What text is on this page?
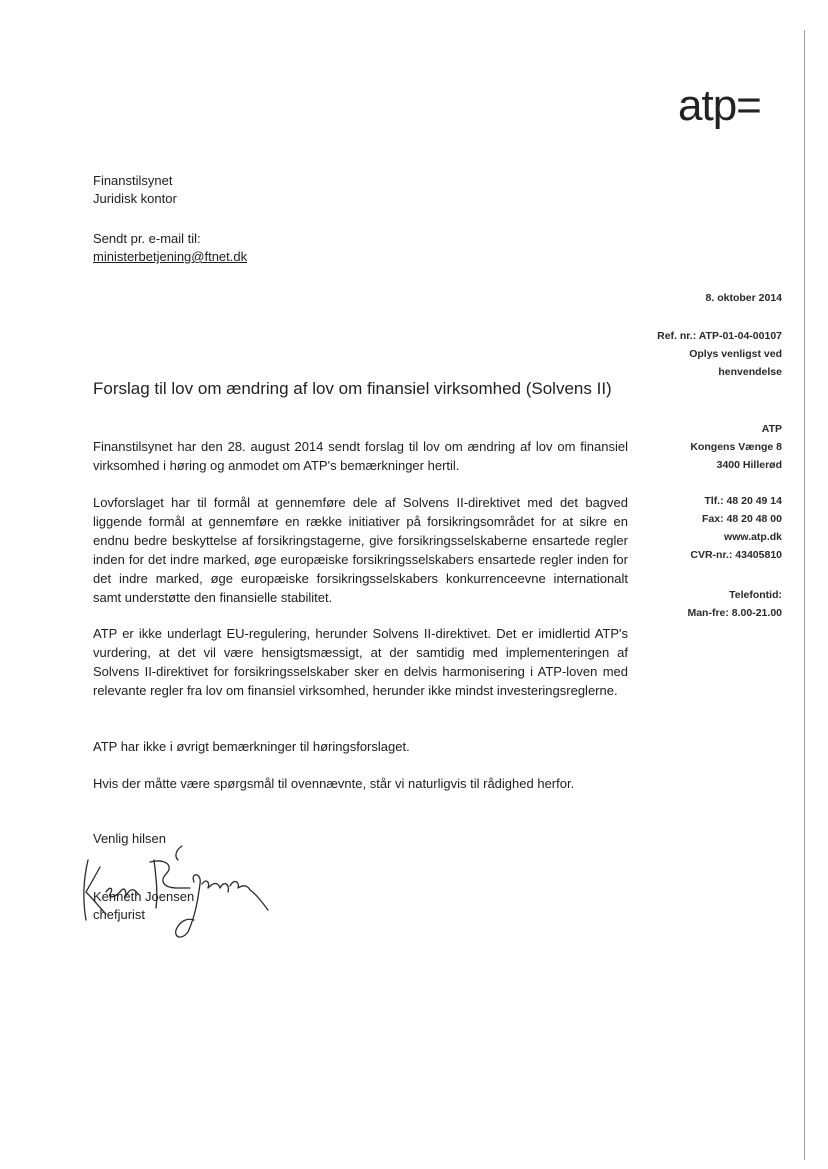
atp=
Finanstilsynet
Juridisk kontor
Sendt pr. e-mail til:
ministerbetjening@ftnet.dk
8. oktober 2014
Ref. nr.: ATP-01-04-00107
Oplys venligst ved
henvendelse
ATP
Kongens Vænge 8
3400 Hillerød
Tlf.: 48 20 49 14
Fax: 48 20 48 00
www.atp.dk
CVR-nr.: 43405810
Telefontid:
Man-fre: 8.00-21.00
Forslag til lov om ændring af lov om finansiel virksomhed (Solvens II)

Finanstilsynet har den 28. august 2014 sendt forslag til lov om ændring af lov om finansiel virksomhed i høring og anmodet om ATP's bemærkninger hertil.

Lovforslaget har til formål at gennemføre dele af Solvens II-direktivet med det bagved liggende formål at gennemføre en række initiativer på forsikringsområdet for at sikre en endnu bedre beskyttelse af forsikringstagerne, give forsikringsselskaberne ensartede regler inden for det indre marked, øge europæiske forsikringsselskabers ensartede regler inden for det indre marked, øge europæiske forsikringsselskabers konkurrenceevne internationalt samt understøtte den finansielle stabilitet.

ATP er ikke underlagt EU-regulering, herunder Solvens II-direktivet. Det er imidlertid ATP's vurdering, at det vil være hensigtsmæssigt, at der samtidig med implementeringen af Solvens II-direktivet for forsikringsselskaber sker en delvis harmonisering i ATP-loven med relevante regler fra lov om finansiel virksomhed, herunder ikke mindst investeringsreglerne.

ATP har ikke i øvrigt bemærkninger til høringsforslaget.

Hvis der måtte være spørgsmål til ovennævnte, står vi naturligvis til rådighed herfor.

Venlig hilsen
Kenneth Joensen
chefjurist
